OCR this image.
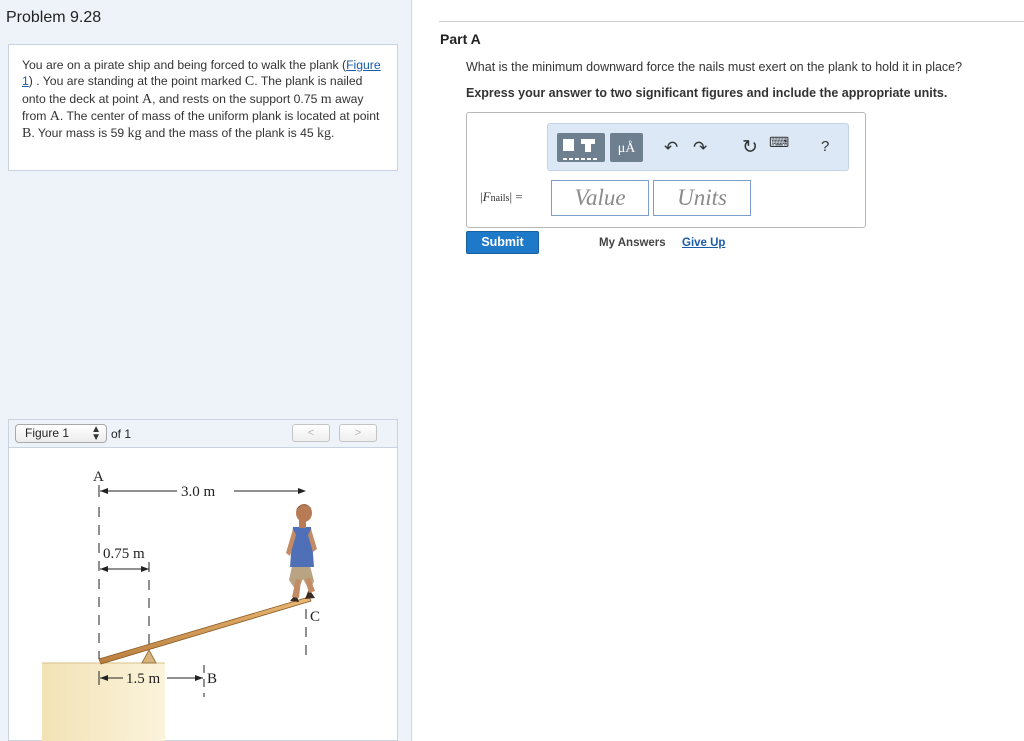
Problem 9.28
You are on a pirate ship and being forced to walk the plank (Figure 1) . You are standing at the point marked C. The plank is nailed onto the deck at point A, and rests on the support 0.75 m away from A. The center of mass of the uniform plank is located at point B. Your mass is 59 kg and the mass of the plank is 45 kg.
Figure 1 ▲
▼ of 1	<	>
A
3.0 m
0.75 m
1.5 m	B
C
Part A
What is the minimum downward force the nails must exert on the plank to hold it in place?
Express your answer to two significant figures and include the appropriate units.
μÅ	↶ ↷ ↻ ⌨ ?
|Fnails| =	Value	Units
Submit	My Answers Give Up
